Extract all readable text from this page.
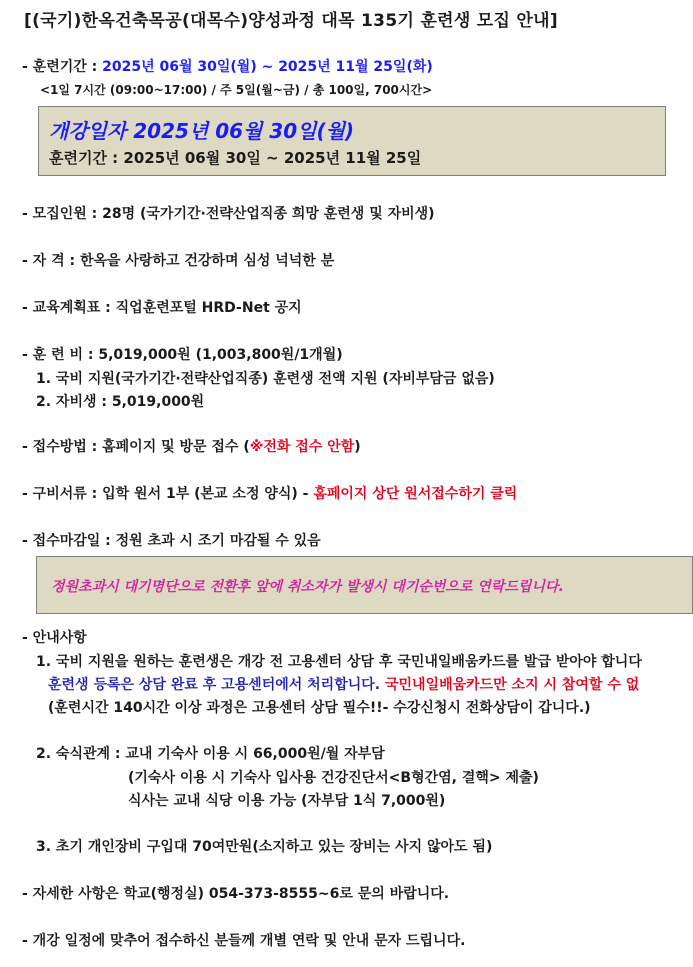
[(국기)한옥건축목공(대목수)양성과정 대목 135기 훈련생 모집 안내]
- 훈련기간 : 2025년 06월 30일(월) ~ 2025년 11월 25일(화)
<1일 7시간 (09:00~17:00) / 주 5일(월~금) / 총 100일, 700시간>
개강일자 2025년 06월 30일(월)
훈련기간 : 2025년 06월 30일 ~ 2025년 11월 25일
- 모집인원 : 28명 (국가기간·전략산업직종 희망 훈련생 및 자비생)
- 자 격 : 한옥을 사랑하고 건강하며 심성 넉넉한 분
- 교육계획표 : 직업훈련포털 HRD-Net 공지
- 훈 련 비 : 5,019,000원 (1,003,800원/1개월)
1. 국비 지원(국가기간·전략산업직종) 훈련생 전액 지원 (자비부담금 없음)
2. 자비생 : 5,019,000원
- 접수방법 : 홈페이지 및 방문 접수 (※전화 접수 안함)
- 구비서류 : 입학 원서 1부 (본교 소정 양식) - 홈페이지 상단 원서접수하기 클릭
- 접수마감일 : 정원 초과 시 조기 마감될 수 있음
정원초과시 대기명단으로 전환후 앞에 취소자가 발생시 대기순번으로 연락드립니다.
- 안내사항
1. 국비 지원을 원하는 훈련생은 개강 전 고용센터 상담 후 국민내일배움카드를 발급 받아야 합니다
훈련생 등록은 상담 완료 후 고용센터에서 처리합니다. 국민내일배움카드만 소지 시 참여할 수 없
(훈련시간 140시간 이상 과정은 고용센터 상담 필수!!- 수강신청시 전화상담이 갑니다.)
2. 숙식관계 : 교내 기숙사 이용 시 66,000원/월 자부담
(기숙사 이용 시 기숙사 입사용 건강진단서<B형간염, 결핵> 제출)
식사는 교내 식당 이용 가능 (자부담 1식 7,000원)
3. 초기 개인장비 구입대 70여만원(소지하고 있는 장비는 사지 않아도 됨)
- 자세한 사항은 학교(행정실) 054-373-8555~6로 문의 바랍니다.
- 개강 일정에 맞추어 접수하신 분들께 개별 연락 및 안내 문자 드립니다.
